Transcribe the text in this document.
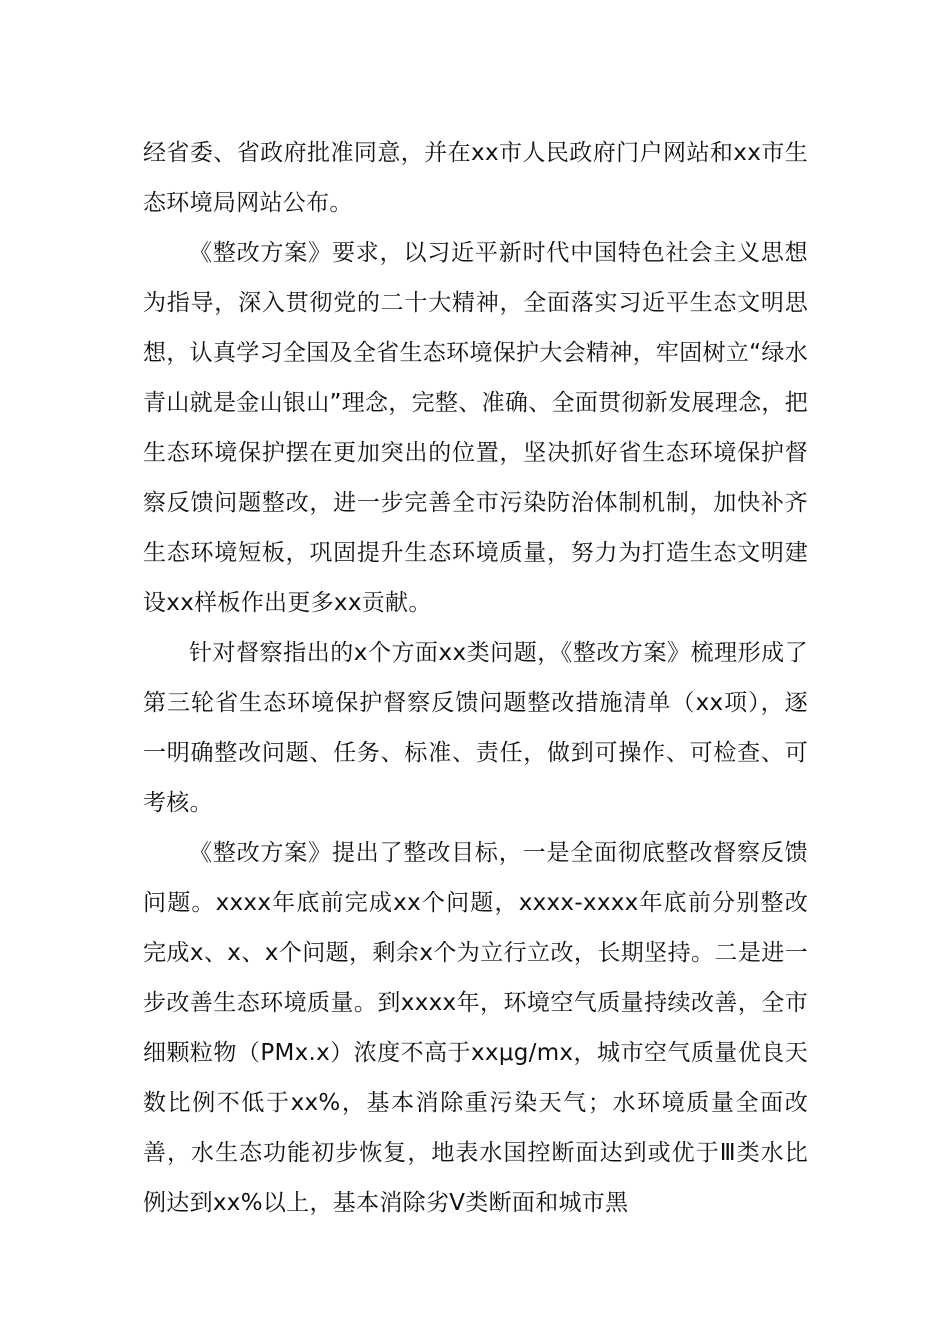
经省委、省政府批准同意，并在xx市人民政府门户网站和xx市生态环境局网站公布。

《整改方案》要求，以习近平新时代中国特色社会主义思想为指导，深入贯彻党的二十大精神，全面落实习近平生态文明思想，认真学习全国及全省生态环境保护大会精神，牢固树立“绿水青山就是金山银山”理念，完整、准确、全面贯彻新发展理念，把生态环境保护摆在更加突出的位置，坚决抓好省生态环境保护督察反馈问题整改，进一步完善全市污染防治体制机制，加快补齐生态环境短板，巩固提升生态环境质量，努力为打造生态文明建设xx样板作出更多xx贡献。

针对督察指出的x个方面xx类问题，《整改方案》梳理形成了第三轮省生态环境保护督察反馈问题整改措施清单（xx项），逐一明确整改问题、任务、标准、责任，做到可操作、可检查、可考核。

《整改方案》提出了整改目标，一是全面彻底整改督察反馈问题。xxxx年底前完成xx个问题，xxxx-xxxx年底前分别整改完成x、x、x个问题，剩余x个为立行立改，长期坚持。二是进一步改善生态环境质量。到xxxx年，环境空气质量持续改善，全市细颗粒物（PMx.x）浓度不高于xxμg/mx，城市空气质量优良天数比例不低于xx%，基本消除重污染天气；水环境质量全面改善，水生态功能初步恢复，地表水国控断面达到或优于Ⅲ类水比例达到xx%以上，基本消除劣Ⅴ类断面和城市黑
